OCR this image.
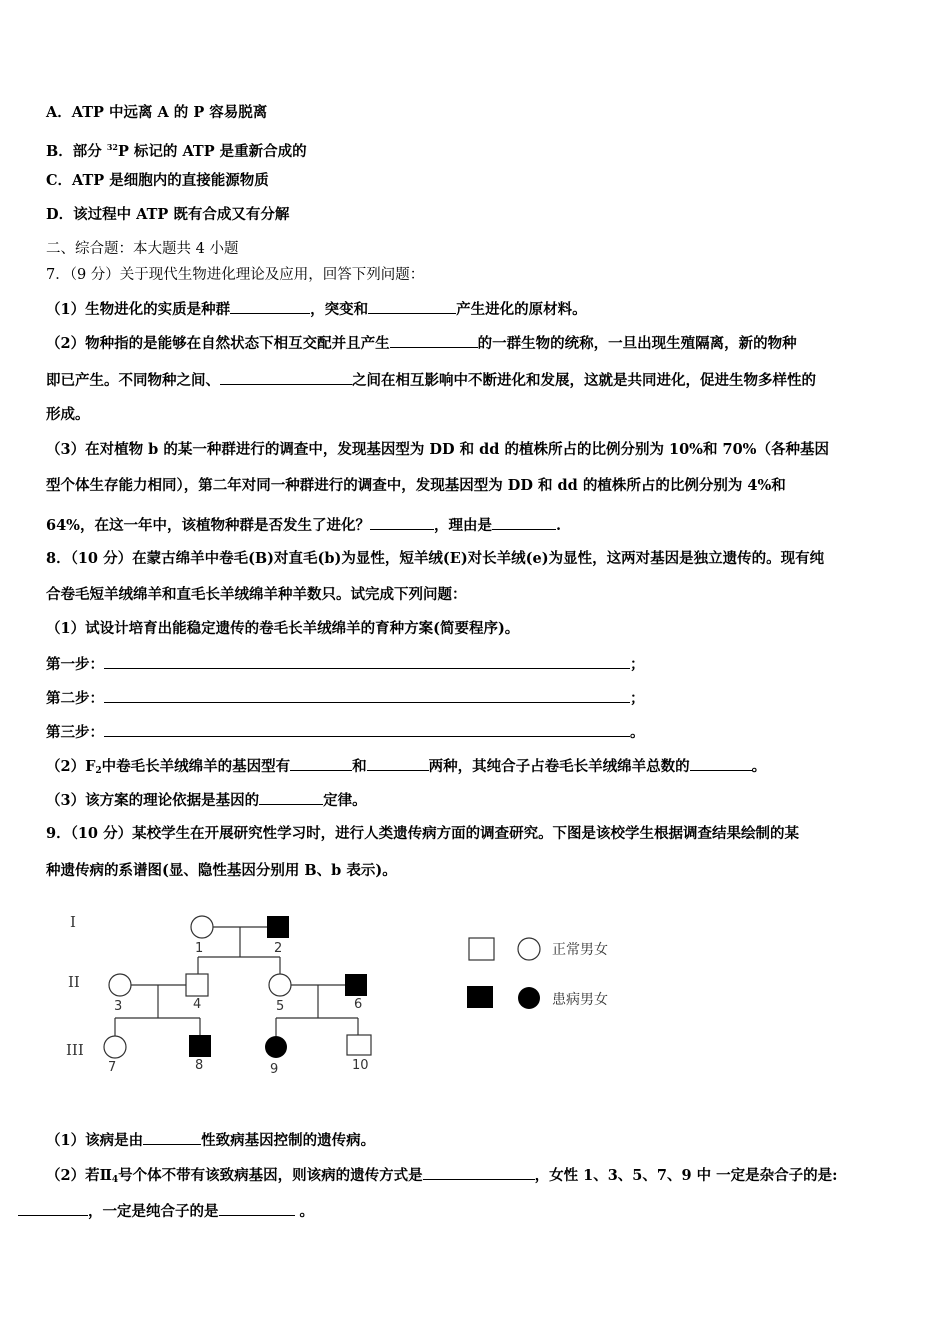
A．ATP 中远离 A 的 P 容易脱离
B．部分 $^{32}$P 标记的 ATP 是重新合成的
C．ATP 是细胞内的直接能源物质
D．该过程中 ATP 既有合成又有分解
二、综合题：本大题共 4 小题
7．（9 分）关于现代生物进化理论及应用，回答下列问题：
（1）生物进化的实质是种群	，突变和	产生进化的原材料。
（2）物种指的是能够在自然状态下相互交配并且产生	的一群生物的统称，一旦出现生殖隔离，新的物种
即已产生。不同物种之间、	之间在相互影响中不断进化和发展，这就是共同进化，促进生物多样性的
形成。
（3）在对植物 b 的某一种群进行的调查中，发现基因型为 DD 和 dd 的植株所占的比例分别为 10%和 70%（各种基因
型个体生存能力相同），第二年对同一种群进行的调查中，发现基因型为 DD 和 dd 的植株所占的比例分别为 4%和
64%，在这一年中，该植物种群是否发生了进化？	，理由是	.
8．（10 分）在蒙古绵羊中卷毛(B)对直毛(b)为显性，短羊绒(E)对长羊绒(e)为显性，这两对基因是独立遗传的。现有纯
合卷毛短羊绒绵羊和直毛长羊绒绵羊种羊数只。试完成下列问题：
（1）试设计培育出能稳定遗传的卷毛长羊绒绵羊的育种方案(简要程序)。
第一步：	；
第二步：	；
第三步：	。
$(2)F_2$中卷毛长羊绒绵羊的基因型有	和	两种，其纯合子占卷毛长羊绒绵羊总数的	。
（3）该方案的理论依据是基因的	定律。
9．（10 分）某校学生在开展研究性学习时，进行人类遗传病方面的调查研究。下图是该校学生根据调查结果绘制的某
种遗传病的系谱图(显、隐性基因分别用 B、b 表示)。
I
II
III
1	2
3	4	5	6
7	8	9	10
正常男女
患病男女
（1）该病是由	性致病基因控制的遗传病。
（2）若$Ⅱ_4$号个体不带有该致病基因，则该病的遗传方式是	，女性 1、3、5、7、9 中 一定是杂合子的是:
，一定是纯合子的是	。
